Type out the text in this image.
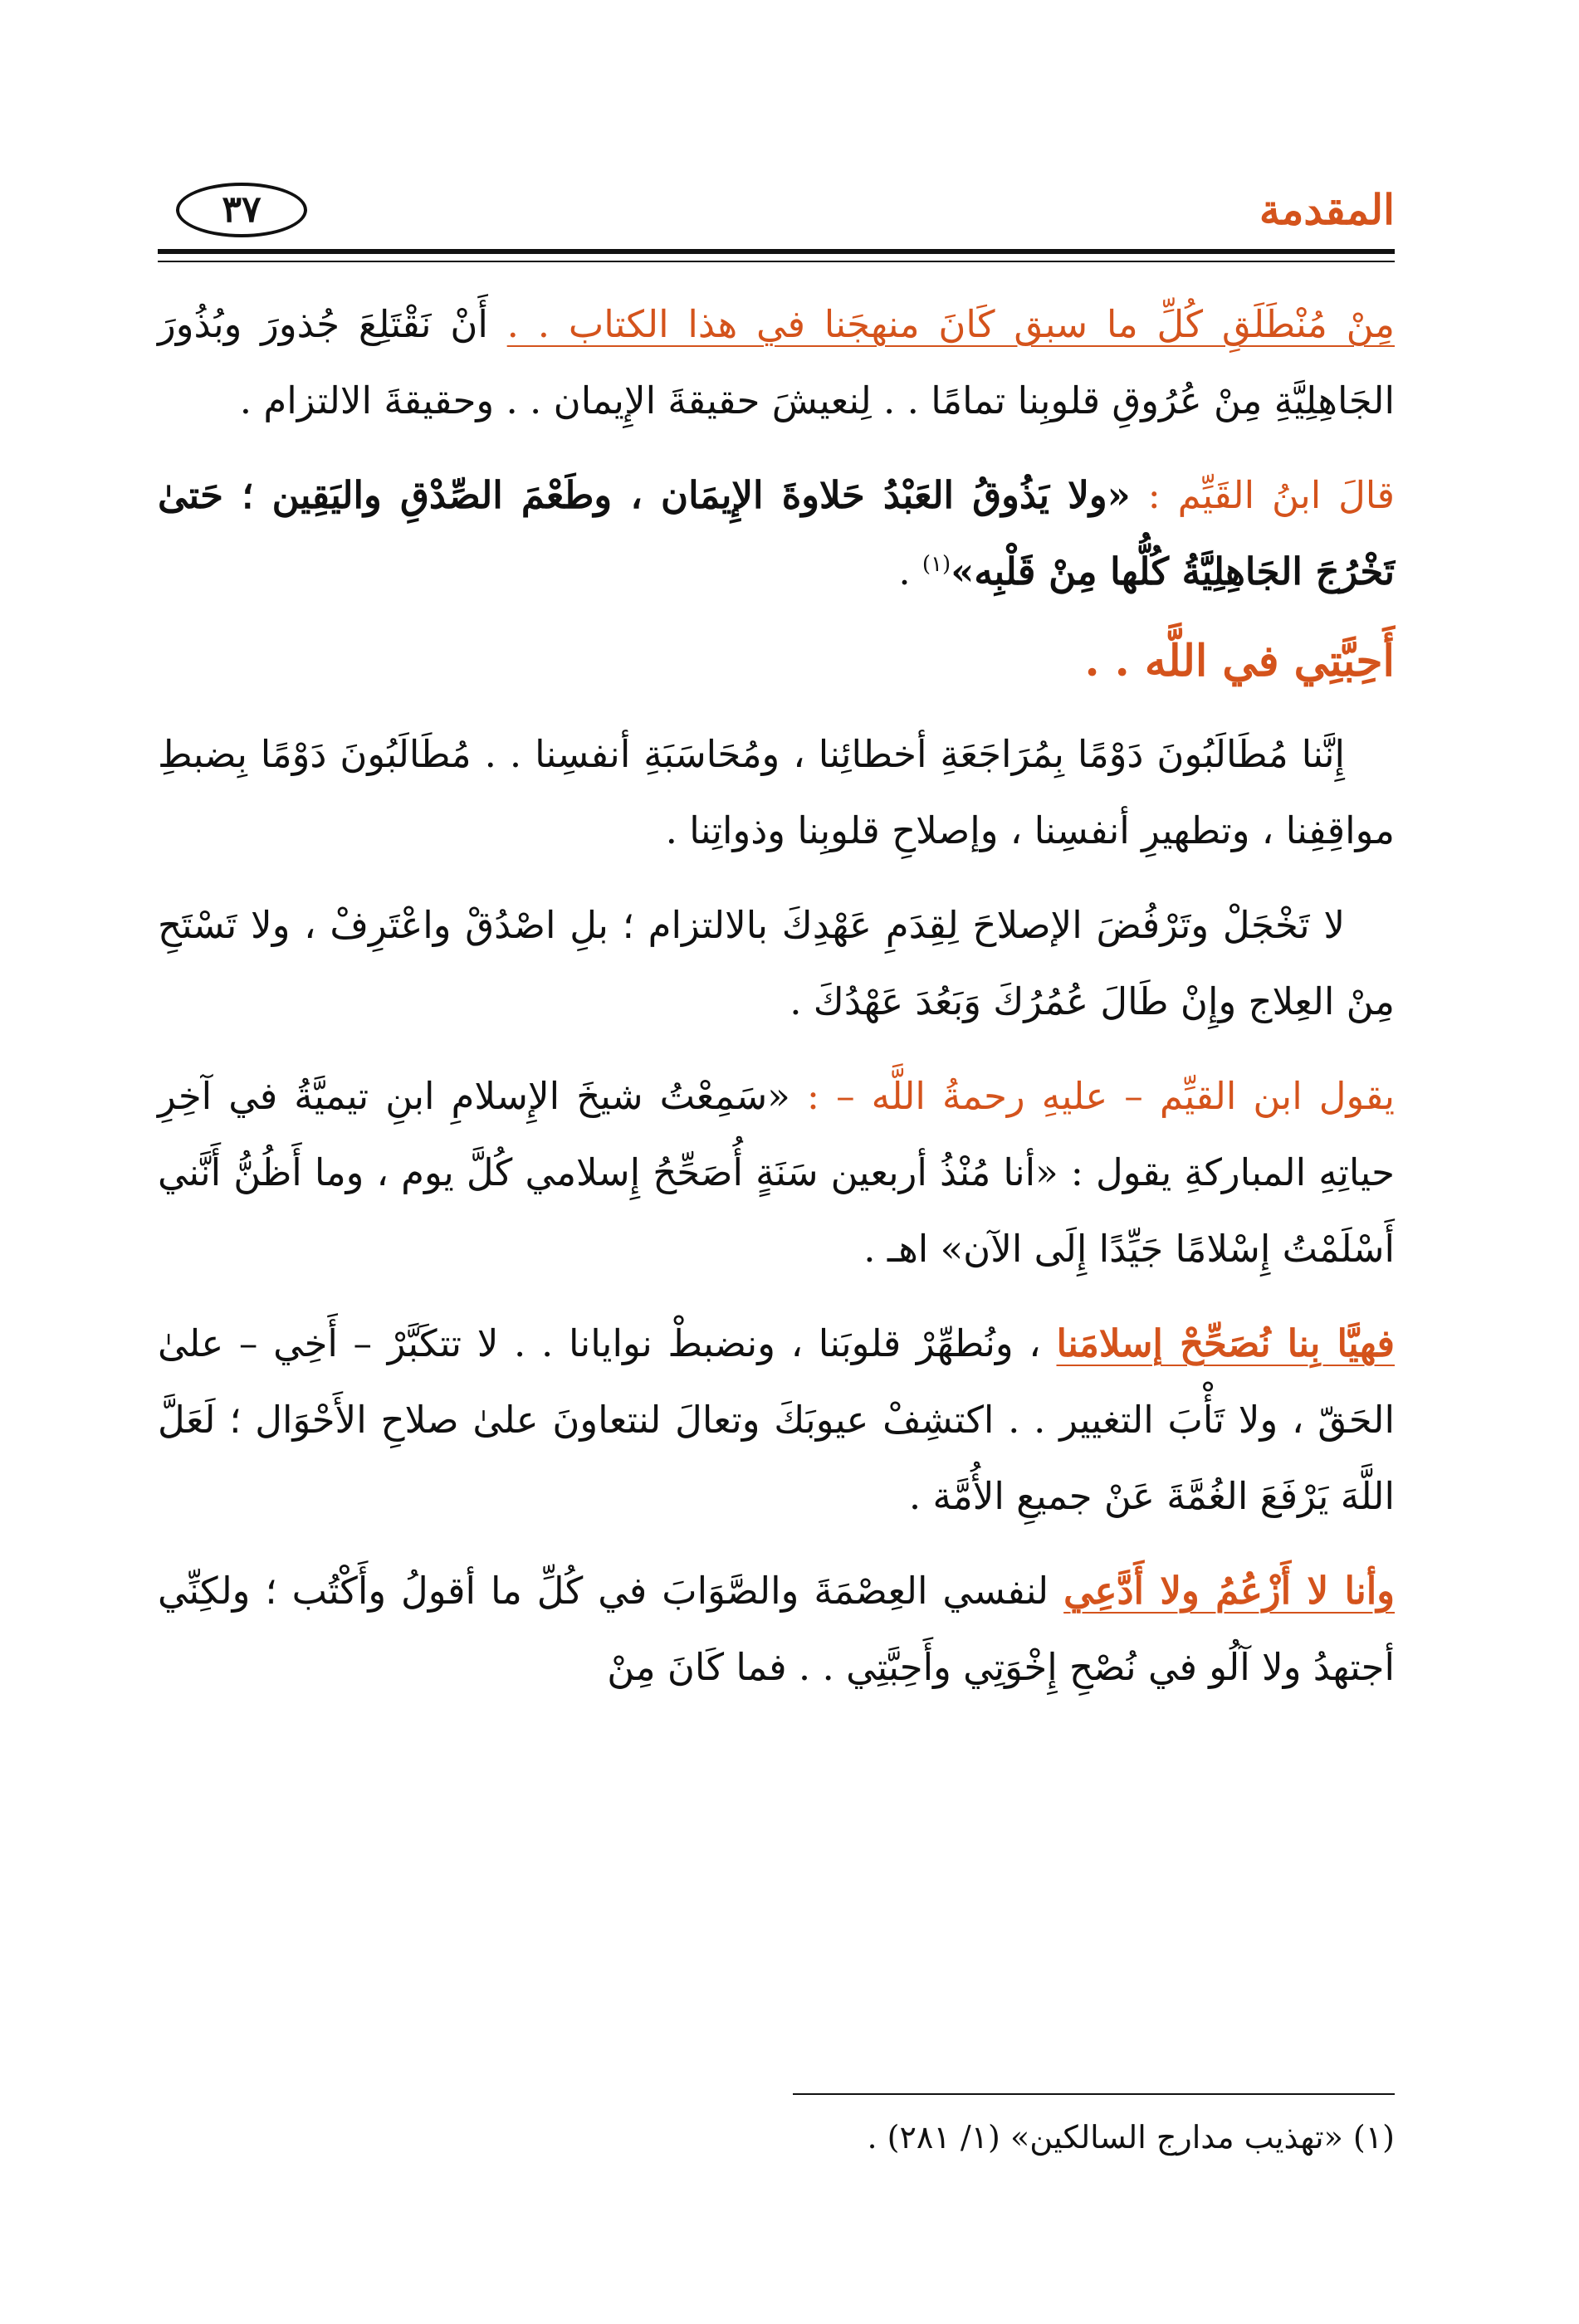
المقدمة
٣٧

مِنْ مُنْطَلَقِ كُلِّ ما سبق كَانَ منهجَنا في هذا الكتاب . . أَنْ نَقْتَلِعَ جُذورَ وبُذُورَ الجَاهِلِيَّةِ مِنْ عُرُوقِ قلوبِنا تمامًا . . لِنعيشَ حقيقةَ الإِيمان . . وحقيقةَ الالتزام .

قالَ ابنُ القَيِّم : «ولا يَذُوقُ العَبْدُ حَلاوةَ الإِيمَان ، وطَعْمَ الصِّدْقِ واليَقِين ؛ حَتىٰ تَخْرُجَ الجَاهِلِيَّةُ كُلُّها مِنْ قَلْبِه»$^{(١)}$ .

أَحِبَّتِي في اللَّه . .

إِنَّنا مُطَالَبُونَ دَوْمًا بِمُرَاجَعَةِ أخطائِنا ، ومُحَاسَبَةِ أنفسِنا . . مُطَالَبُونَ دَوْمًا بِضبطِ مواقِفِنا ، وتطهيرِ أنفسِنا ، وإصلاحِ قلوبِنا وذواتِنا .

لا تَخْجَلْ وتَرْفُضَ الإصلاحَ لِقِدَمِ عَهْدِكَ بالالتزام ؛ بلِ اصْدُقْ واعْتَرِفْ ، ولا تَسْتَحِ مِنْ العِلاج وإِنْ طَالَ عُمُرُكَ وَبَعُدَ عَهْدُكَ .

يقول ابن القيِّم – عليهِ رحمةُ اللَّه – : «سَمِعْتُ شيخَ الإِسلامِ ابنِ تيميَّةُ في آخِرِ حياتِهِ المباركةِ يقول : «أنا مُنْذُ أربعين سَنَةٍ أُصَحِّحُ إِسلامي كُلَّ يوم ، وما أَظُنُّ أَنَّني أَسْلَمْتُ إِسْلامًا جَيِّدًا إِلَى الآن» اهـ .

فهيَّا بِنا نُصَحِّحْ إسلامَنا ، ونُطهِّرْ قلوبَنا ، ونضبطْ نوايانا . . لا تتكَبَّرْ – أَخِي – علىٰ الحَقّ ، ولا تَأْبَ التغيير . . اكتشِفْ عيوبَكَ وتعالَ لنتعاونَ علىٰ صلاحِ الأَحْوَال ؛ لَعَلَّ اللَّهَ يَرْفَعَ الغُمَّةَ عَنْ جميعِ الأُمَّة .

وأنا لا أَزْعُمُ ولا أَدَّعِي لنفسي العِصْمَةَ والصَّوَابَ في كُلِّ ما أقولُ وأَكْتُب ؛ ولكِنِّي أجتهدُ ولا آلُو في نُصْحِ إِخْوَتِي وأَحِبَّتِي . . فما كَانَ مِنْ

(١) «تهذيب مدارج السالكين» (١/ ٢٨١) .
